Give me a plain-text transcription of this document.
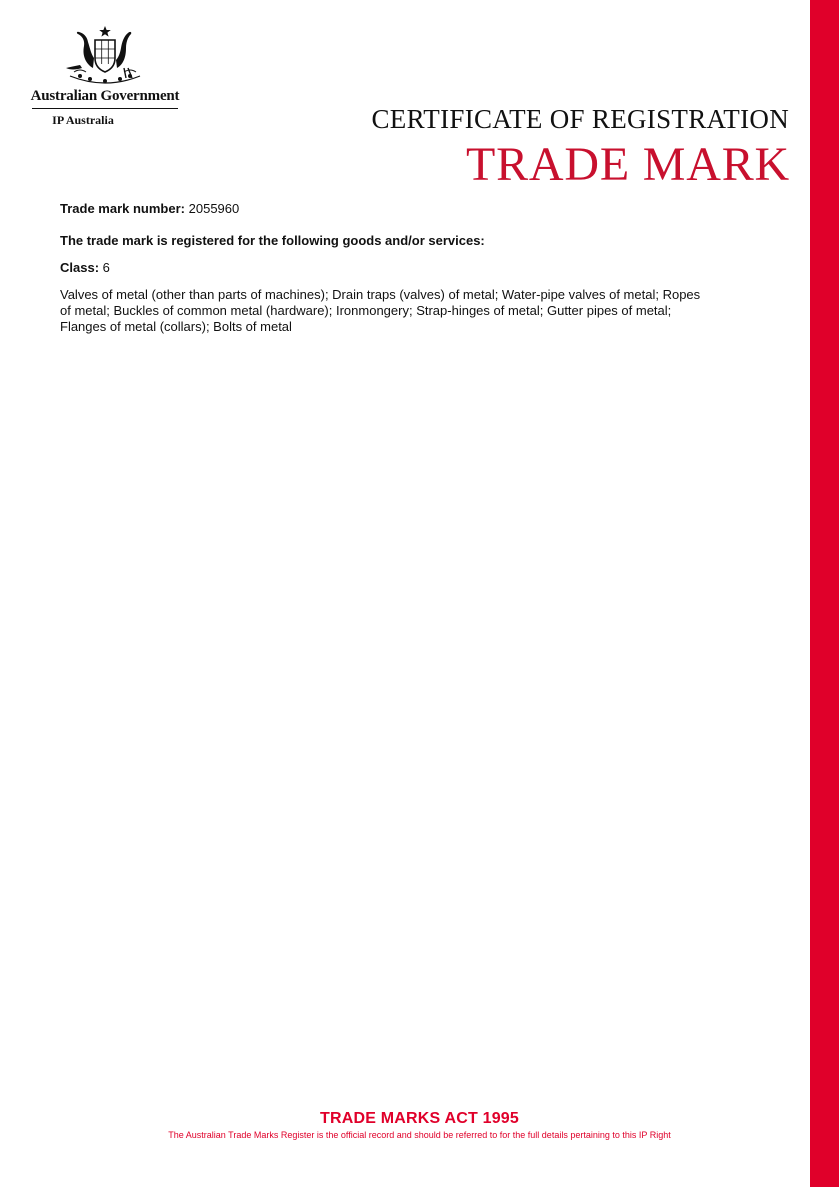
Australian Government
IP Australia	CERTIFICATE OF REGISTRATION
TRADE MARK

Trade mark number: 2055960

The trade mark is registered for the following goods and/or services:

Class: 6

Valves of metal (other than parts of machines); Drain traps (valves) of metal; Water-pipe valves of metal; Ropes

of metal; Buckles of common metal (hardware); Ironmongery; Strap-hinges of metal; Gutter pipes of metal;

Flanges of metal (collars); Bolts of metal

TRADE MARKS ACT 1995
The Australian Trade Marks Register is the official record and should be referred to for the full details pertaining to this IP Right
